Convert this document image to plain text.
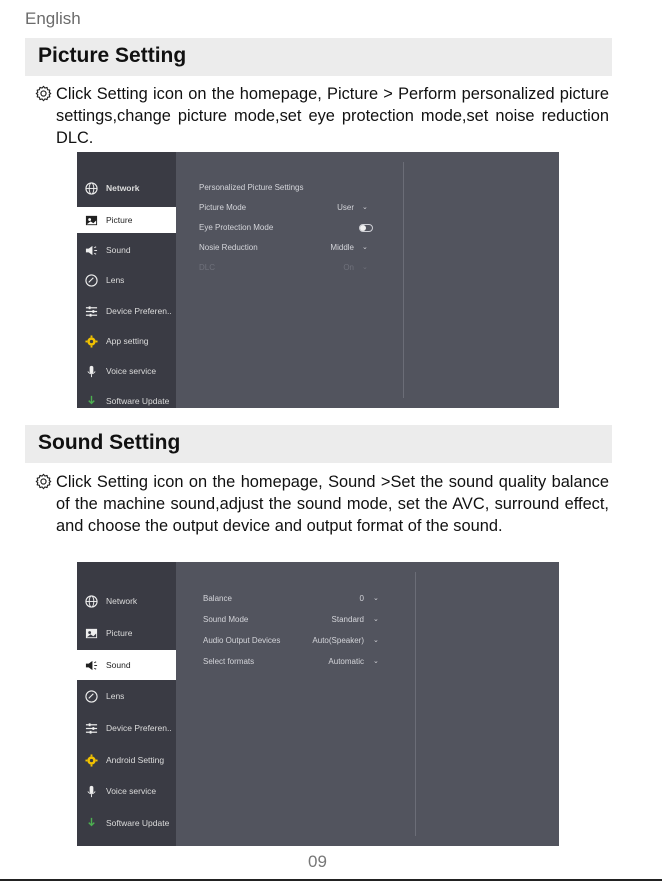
English
Picture Setting
Click Setting icon on the homepage, Picture > Perform personalized picture settings,change picture mode,set eye protection mode,set noise reduction DLC.
Network
Picture
Sound
Lens
Device Preferen..
App setting
Voice service
Software Update
Personalized Picture Settings
Picture Mode	User ⌄
Eye Protection Mode
Nosie Reduction	Middle ⌄
DLC	On ⌄
Sound Setting
Click Setting icon on the homepage, Sound >Set the sound quality balance of the machine sound,adjust the sound mode, set the AVC, surround effect, and choose the output device and output format of the sound.
Network
Picture
Sound
Lens
Device Preferen..
Android Setting
Voice service
Software Update
Balance	0 ⌄
Sound Mode	Standard ⌄
Audio Output Devices	Auto(Speaker) ⌄
Select formats	Automatic ⌄
09
